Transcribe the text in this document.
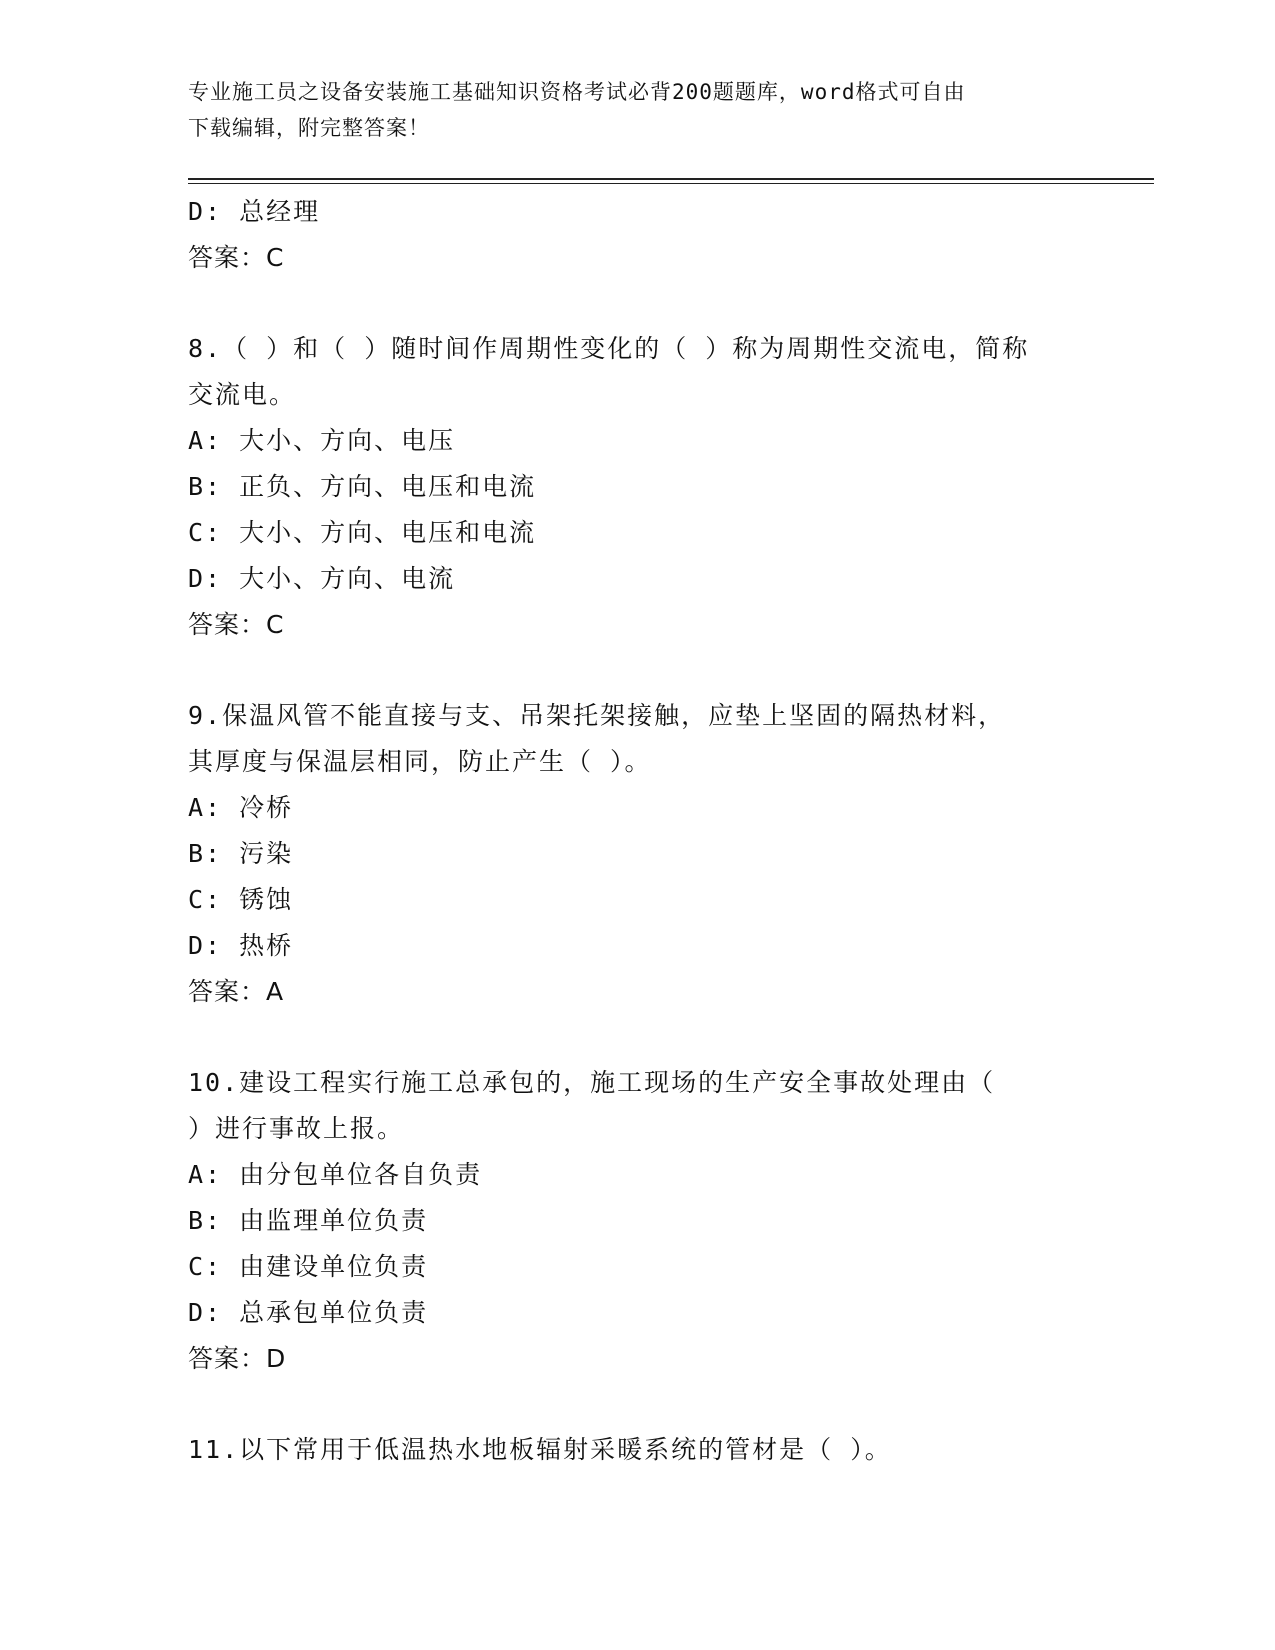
专业施工员之设备安装施工基础知识资格考试必背200题题库，word格式可自由
下载编辑，附完整答案！
D: 总经理
答案：C
8.（ ）和（ ）随时间作周期性变化的（ ）称为周期性交流电，简称
交流电。
A: 大小、方向、电压
B: 正负、方向、电压和电流
C: 大小、方向、电压和电流
D: 大小、方向、电流
答案：C
9.保温风管不能直接与支、吊架托架接触，应垫上坚固的隔热材料，
其厚度与保温层相同，防止产生（ ）。
A: 冷桥
B: 污染
C: 锈蚀
D: 热桥
答案：A
10.建设工程实行施工总承包的，施工现场的生产安全事故处理由（
）进行事故上报。
A: 由分包单位各自负责
B: 由监理单位负责
C: 由建设单位负责
D: 总承包单位负责
答案：D
11.以下常用于低温热水地板辐射采暖系统的管材是（ ）。
